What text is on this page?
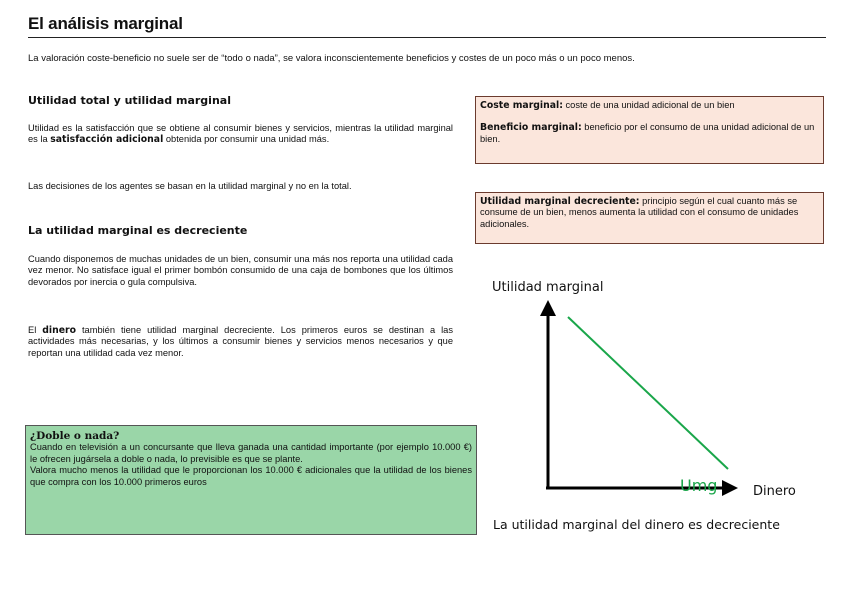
El análisis marginal
La valoración coste-beneficio no suele ser de “todo o nada”, se valora inconscientemente beneficios y costes de un poco más o un poco menos.
Utilidad total y utilidad marginal
Utilidad es la satisfacción que se obtiene al consumir bienes y servicios, mientras la utilidad marginal es la satisfacción adicional obtenida por consumir una unidad más.
Las decisiones de los agentes se basan en la utilidad marginal y no en la total.
La utilidad marginal es decreciente
Cuando disponemos de muchas unidades de un bien, consumir una más nos reporta una utilidad cada vez menor. No satisface igual el primer bombón consumido de una caja de bombones que los últimos devorados por inercia o gula compulsiva.
El dinero también tiene utilidad marginal decreciente. Los primeros euros se destinan a las actividades más necesarias, y los últimos a consumir bienes y servicios menos necesarios y que reportan una utilidad cada vez menor.

Coste marginal: coste de una unidad adicional de un bien

Beneficio marginal: beneficio por el consumo de una unidad adicional de un bien.

Utilidad marginal decreciente: principio según el cual cuanto más se consume de un bien, menos aumenta la utilidad con el consumo de unidades adicionales.
¿Doble o nada?
Cuando en televisión a un concursante que lleva ganada una cantidad importante (por ejemplo 10.000 €) le ofrecen jugársela a doble o nada, lo previsible es que se plante.
Valora mucho menos la utilidad que le proporcionan los 10.000 € adicionales que la utilidad de los bienes que compra con los 10.000 primeros euros
Utilidad marginal
Dinero
Umg
La utilidad marginal del dinero es decreciente
